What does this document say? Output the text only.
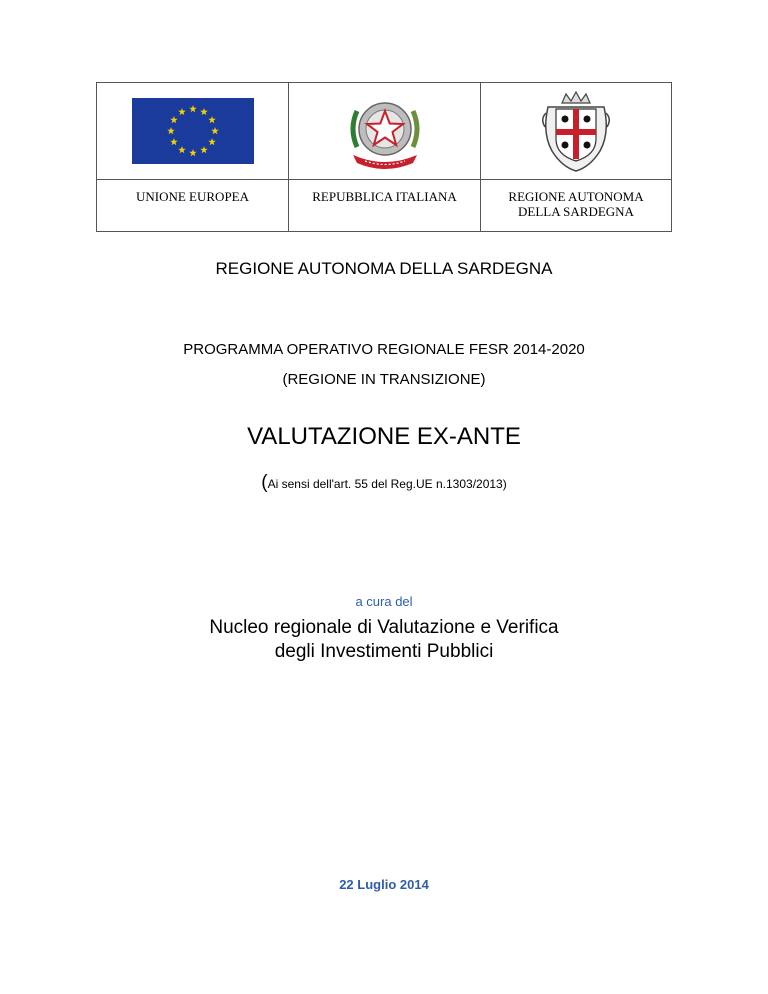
UNIONE EUROPEA	REPUBBLICA ITALIANA	REGIONE AUTONOMA
DELLA SARDEGNA
REGIONE AUTONOMA DELLA SARDEGNA
PROGRAMMA OPERATIVO REGIONALE FESR 2014-2020
(REGIONE IN TRANSIZIONE)
VALUTAZIONE EX-ANTE
(Ai sensi dell'art. 55 del Reg.UE n.1303/2013)
a cura del
Nucleo regionale di Valutazione e Verifica
degli Investimenti Pubblici
22 Luglio 2014
